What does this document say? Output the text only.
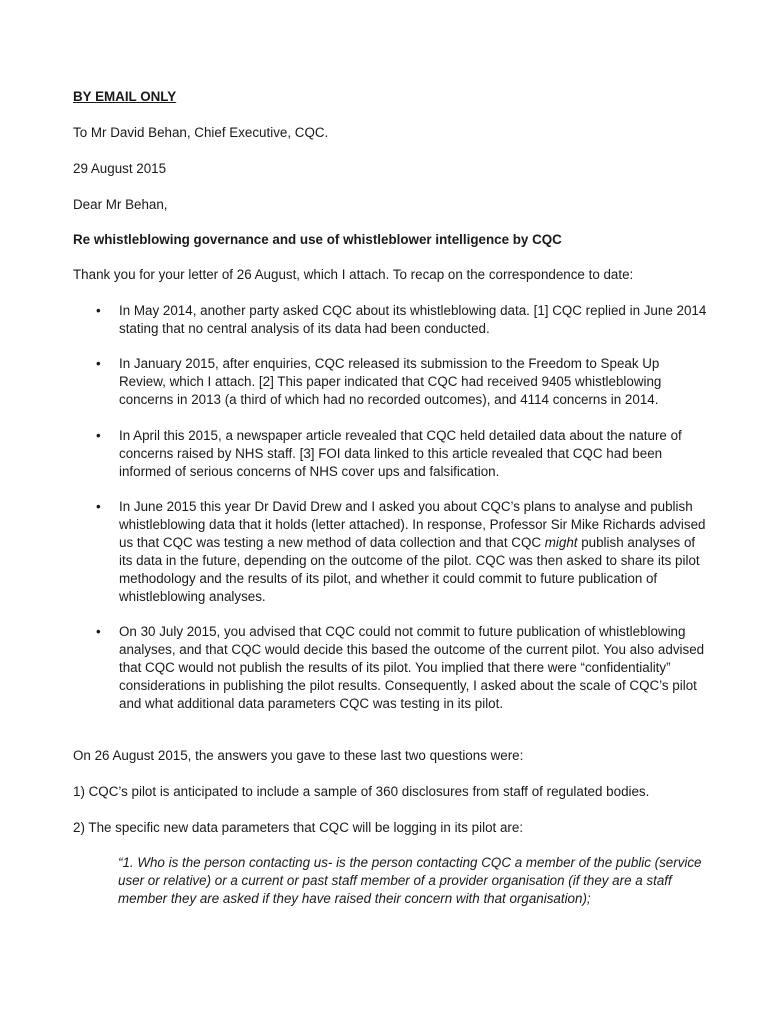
BY EMAIL ONLY

To Mr David Behan, Chief Executive, CQC.

29 August 2015

Dear Mr Behan,

Re whistleblowing governance and use of whistleblower intelligence by CQC

Thank you for your letter of 26 August, which I attach. To recap on the correspondence to date:

•	In May 2014, another party asked CQC about its whistleblowing data. [1] CQC replied in June 2014 stating that no central analysis of its data had been conducted.
•	In January 2015, after enquiries, CQC released its submission to the Freedom to Speak Up Review, which I attach. [2] This paper indicated that CQC had received 9405 whistleblowing concerns in 2013 (a third of which had no recorded outcomes), and 4114 concerns in 2014.
•	In April this 2015, a newspaper article revealed that CQC held detailed data about the nature of concerns raised by NHS staff. [3] FOI data linked to this article revealed that CQC had been informed of serious concerns of NHS cover ups and falsification.
•	In June 2015 this year Dr David Drew and I asked you about CQC’s plans to analyse and publish whistleblowing data that it holds (letter attached). In response, Professor Sir Mike Richards advised us that CQC was testing a new method of data collection and that CQC might publish analyses of its data in the future, depending on the outcome of the pilot. CQC was then asked to share its pilot methodology and the results of its pilot, and whether it could commit to future publication of whistleblowing analyses.
•	On 30 July 2015, you advised that CQC could not commit to future publication of whistleblowing analyses, and that CQC would decide this based the outcome of the current pilot. You also advised that CQC would not publish the results of its pilot. You implied that there were “confidentiality” considerations in publishing the pilot results. Consequently, I asked about the scale of CQC’s pilot and what additional data parameters CQC was testing in its pilot.

On 26 August 2015, the answers you gave to these last two questions were:

1) CQC’s pilot is anticipated to include a sample of 360 disclosures from staff of regulated bodies.

2) The specific new data parameters that CQC will be logging in its pilot are:

“1. Who is the person contacting us- is the person contacting CQC a member of the public (service user or relative) or a current or past staff member of a provider organisation (if they are a staff member they are asked if they have raised their concern with that organisation);
